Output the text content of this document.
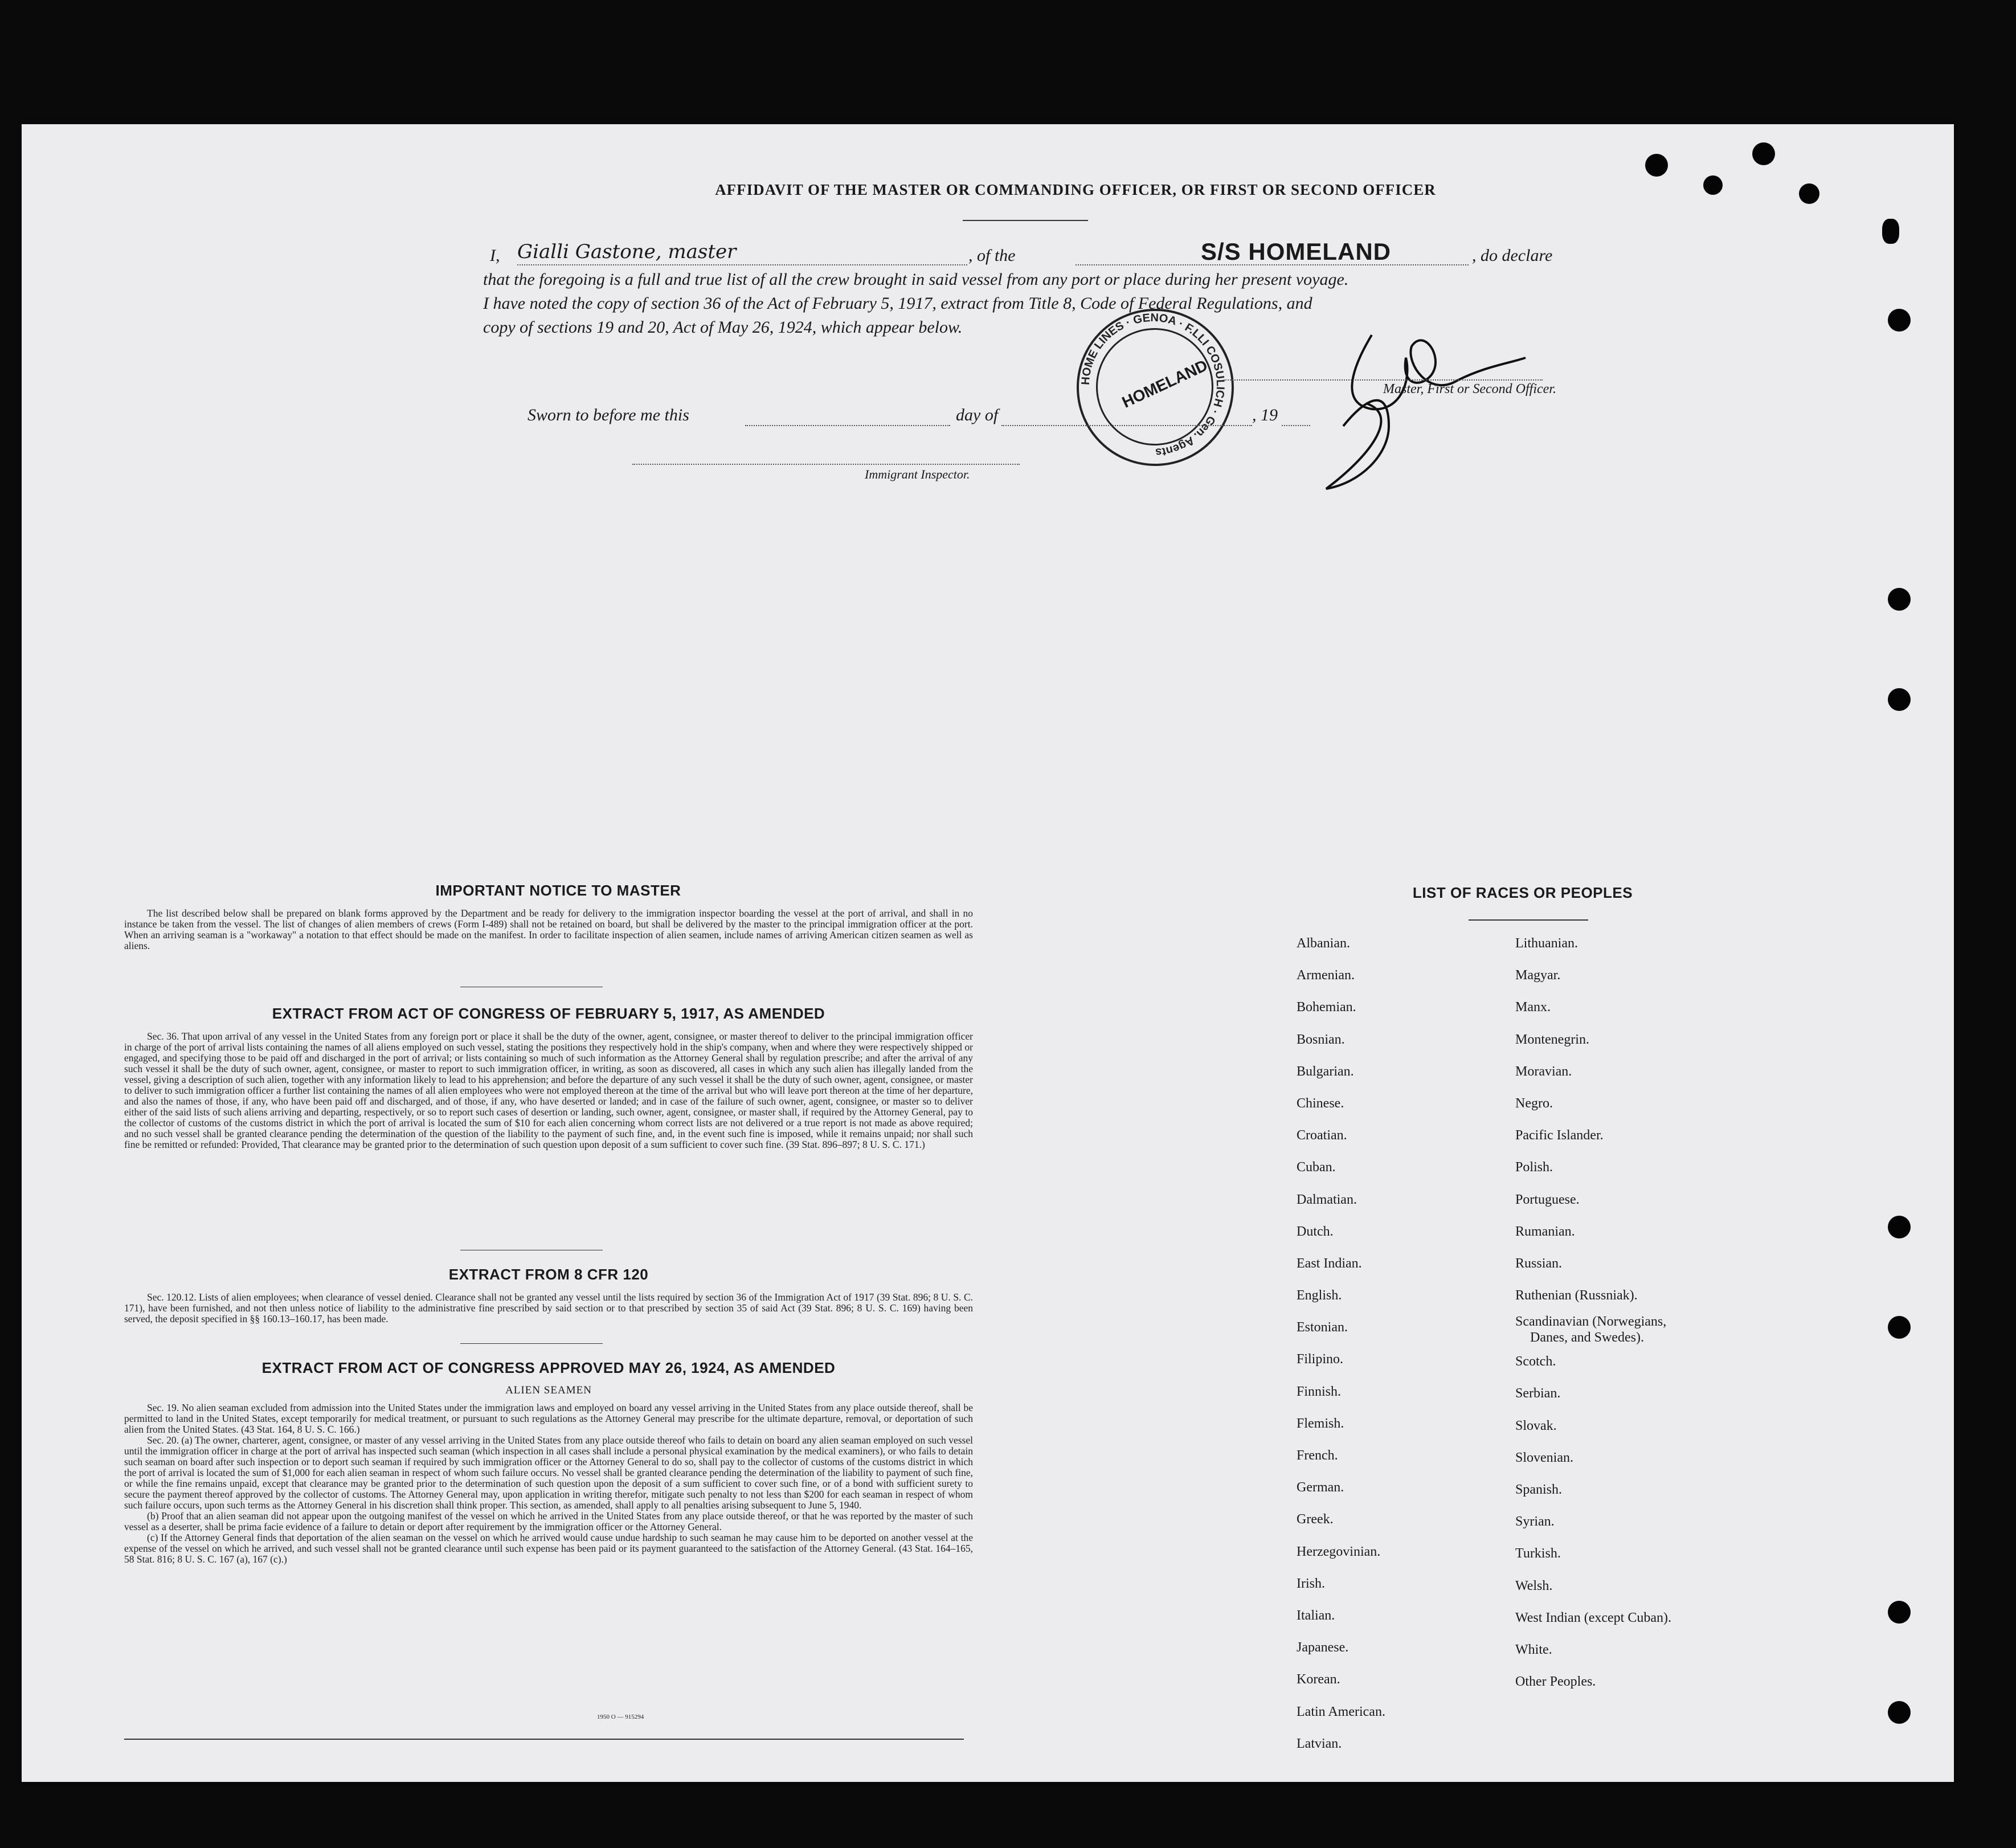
AFFIDAVIT OF THE MASTER OR COMMANDING OFFICER, OR FIRST OR SECOND OFFICER
I, Gialli Gastone, master	, of the	S/S HOMELAND	, do declare
that the foregoing is a full and true list of all the crew brought in said vessel from any port or place during her present voyage.
I have noted the copy of section 36 of the Act of February 5, 1917, extract from Title 8, Code of Federal Regulations, and
copy of sections 19 and 20, Act of May 26, 1924, which appear below.
HOMELAND
HOME LINES · GENOA · F.LLI COSULICH · Gen. Agents
Master, First or Second Officer.
Sworn to before me this	day of	, 19
Immigrant Inspector.
IMPORTANT NOTICE TO MASTER

The list described below shall be prepared on blank forms approved by the Department and be ready for delivery to the immigration inspector boarding the vessel at the port of arrival, and shall in no instance be taken from the vessel. The list of changes of alien members of crews (Form I-489) shall not be retained on board, but shall be delivered by the master to the principal immigration officer at the port. When an arriving seaman is a "workaway" a notation to that effect should be made on the manifest. In order to facilitate inspection of alien seamen, include names of arriving American citizen seamen as well as aliens.

EXTRACT FROM ACT OF CONGRESS OF FEBRUARY 5, 1917, AS AMENDED

Sec. 36. That upon arrival of any vessel in the United States from any foreign port or place it shall be the duty of the owner, agent, consignee, or master thereof to deliver to the principal immigration officer in charge of the port of arrival lists containing the names of all aliens employed on such vessel, stating the positions they respectively hold in the ship's company, when and where they were respectively shipped or engaged, and specifying those to be paid off and discharged in the port of arrival; or lists containing so much of such information as the Attorney General shall by regulation prescribe; and after the arrival of any such vessel it shall be the duty of such owner, agent, consignee, or master to report to such immigration officer, in writing, as soon as discovered, all cases in which any such alien has illegally landed from the vessel, giving a description of such alien, together with any information likely to lead to his apprehension; and before the departure of any such vessel it shall be the duty of such owner, agent, consignee, or master to deliver to such immigration officer a further list containing the names of all alien employees who were not employed thereon at the time of the arrival but who will leave port thereon at the time of her departure, and also the names of those, if any, who have been paid off and discharged, and of those, if any, who have deserted or landed; and in case of the failure of such owner, agent, consignee, or master so to deliver either of the said lists of such aliens arriving and departing, respectively, or so to report such cases of desertion or landing, such owner, agent, consignee, or master shall, if required by the Attorney General, pay to the collector of customs of the customs district in which the port of arrival is located the sum of $10 for each alien concerning whom correct lists are not delivered or a true report is not made as above required; and no such vessel shall be granted clearance pending the determination of the question of the liability to the payment of such fine, and, in the event such fine is imposed, while it remains unpaid; nor shall such fine be remitted or refunded: Provided, That clearance may be granted prior to the determination of such question upon deposit of a sum sufficient to cover such fine. (39 Stat. 896–897; 8 U. S. C. 171.)

EXTRACT FROM 8 CFR 120

Sec. 120.12. Lists of alien employees; when clearance of vessel denied. Clearance shall not be granted any vessel until the lists required by section 36 of the Immigration Act of 1917 (39 Stat. 896; 8 U. S. C. 171), have been furnished, and not then unless notice of liability to the administrative fine prescribed by said section or to that prescribed by section 35 of said Act (39 Stat. 896; 8 U. S. C. 169) having been served, the deposit specified in §§ 160.13–160.17, has been made.

EXTRACT FROM ACT OF CONGRESS APPROVED MAY 26, 1924, AS AMENDED
ALIEN SEAMEN

Sec. 19. No alien seaman excluded from admission into the United States under the immigration laws and employed on board any vessel arriving in the United States from any place outside thereof, shall be permitted to land in the United States, except temporarily for medical treatment, or pursuant to such regulations as the Attorney General may prescribe for the ultimate departure, removal, or deportation of such alien from the United States. (43 Stat. 164, 8 U. S. C. 166.)

Sec. 20. (a) The owner, charterer, agent, consignee, or master of any vessel arriving in the United States from any place outside thereof who fails to detain on board any alien seaman employed on such vessel until the immigration officer in charge at the port of arrival has inspected such seaman (which inspection in all cases shall include a personal physical examination by the medical examiners), or who fails to detain such seaman on board after such inspection or to deport such seaman if required by such immigration officer or the Attorney General to do so, shall pay to the collector of customs of the customs district in which the port of arrival is located the sum of $1,000 for each alien seaman in respect of whom such failure occurs. No vessel shall be granted clearance pending the determination of the liability to payment of such fine, or while the fine remains unpaid, except that clearance may be granted prior to the determination of such question upon the deposit of a sum sufficient to cover such fine, or of a bond with sufficient surety to secure the payment thereof approved by the collector of customs. The Attorney General may, upon application in writing therefor, mitigate such penalty to not less than $200 for each seaman in respect of whom such failure occurs, upon such terms as the Attorney General in his discretion shall think proper. This section, as amended, shall apply to all penalties arising subsequent to June 5, 1940.

(b) Proof that an alien seaman did not appear upon the outgoing manifest of the vessel on which he arrived in the United States from any place outside thereof, or that he was reported by the master of such vessel as a deserter, shall be prima facie evidence of a failure to detain or deport after requirement by the immigration officer or the Attorney General.

(c) If the Attorney General finds that deportation of the alien seaman on the vessel on which he arrived would cause undue hardship to such seaman he may cause him to be deported on another vessel at the expense of the vessel on which he arrived, and such vessel shall not be granted clearance until such expense has been paid or its payment guaranteed to the satisfaction of the Attorney General. (43 Stat. 164–165, 58 Stat. 816; 8 U. S. C. 167 (a), 167 (c).)

1950 O — 915294
LIST OF RACES OR PEOPLES
Albanian.
Armenian.
Bohemian.
Bosnian.
Bulgarian.
Chinese.
Croatian.
Cuban.
Dalmatian.
Dutch.
East Indian.
English.
Estonian.
Filipino.
Finnish.
Flemish.
French.
German.
Greek.
Herzegovinian.
Irish.
Italian.
Japanese.
Korean.
Latin American.
Latvian.
Lithuanian.
Magyar.
Manx.
Montenegrin.
Moravian.
Negro.
Pacific Islander.
Polish.
Portuguese.
Rumanian.
Russian.
Ruthenian (Russniak).
Scandinavian (Norwegians,
Danes, and Swedes).
Scotch.
Serbian.
Slovak.
Slovenian.
Spanish.
Syrian.
Turkish.
Welsh.
West Indian (except Cuban).
White.
Other Peoples.
